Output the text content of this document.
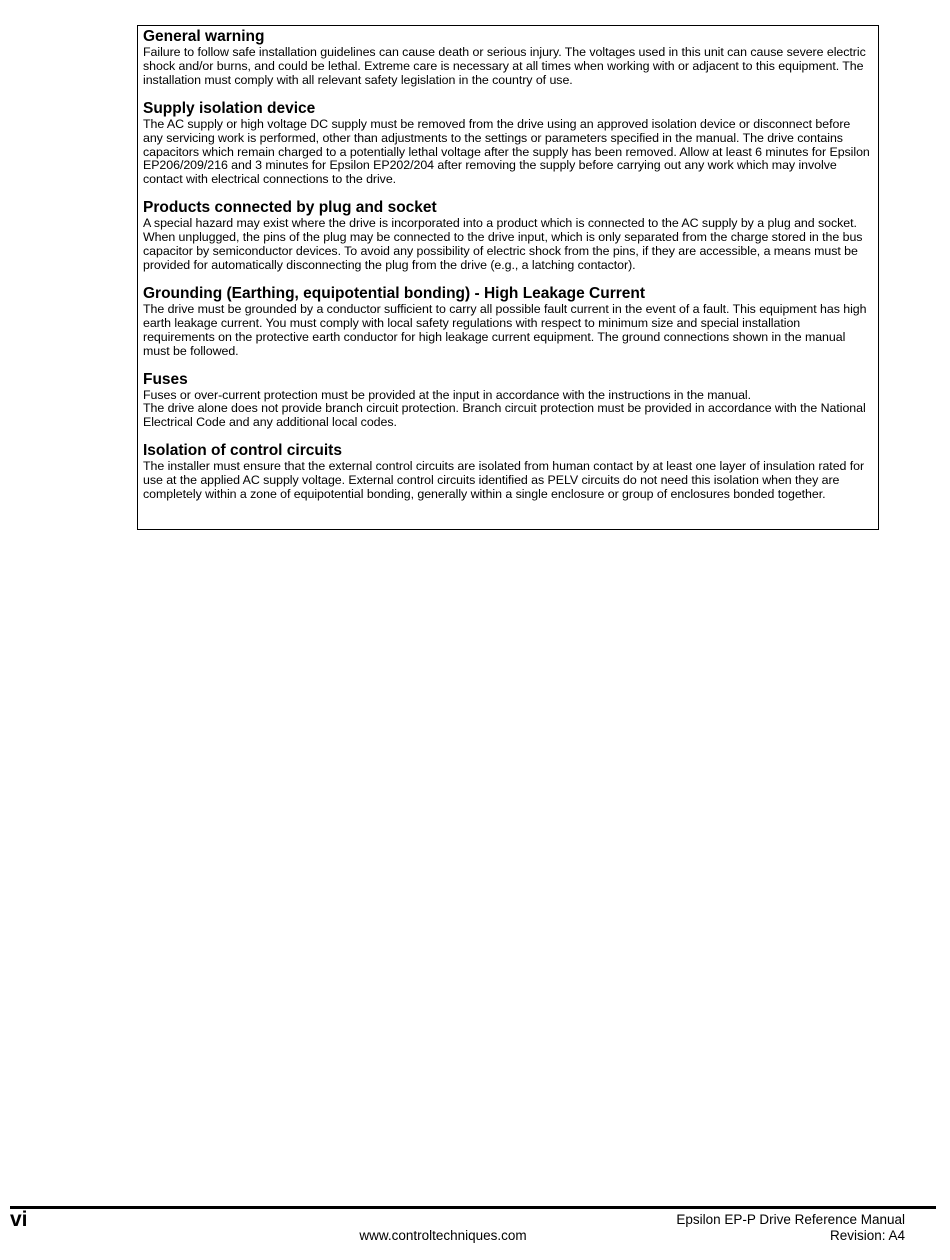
General warning

Failure to follow safe installation guidelines can cause death or serious injury. The voltages used in this unit can cause severe electric shock and/or burns, and could be lethal. Extreme care is necessary at all times when working with or adjacent to this equipment. The installation must comply with all relevant safety legislation in the country of use.

Supply isolation device

The AC supply or high voltage DC supply must be removed from the drive using an approved isolation device or disconnect before any servicing work is performed, other than adjustments to the settings or parameters specified in the manual. The drive contains capacitors which remain charged to a potentially lethal voltage after the supply has been removed. Allow at least 6 minutes for Epsilon EP206/209/216 and 3 minutes for Epsilon EP202/204 after removing the supply before carrying out any work which may involve contact with electrical connections to the drive.

Products connected by plug and socket

A special hazard may exist where the drive is incorporated into a product which is connected to the AC supply by a plug and socket. When unplugged, the pins of the plug may be connected to the drive input, which is only separated from the charge stored in the bus capacitor by semiconductor devices. To avoid any possibility of electric shock from the pins, if they are accessible, a means must be provided for automatically disconnecting the plug from the drive (e.g., a latching contactor).

Grounding (Earthing, equipotential bonding) - High Leakage Current

The drive must be grounded by a conductor sufficient to carry all possible fault current in the event of a fault. This equipment has high earth leakage current. You must comply with local safety regulations with respect to minimum size and special installation requirements on the protective earth conductor for high leakage current equipment. The ground connections shown in the manual must be followed.

Fuses

Fuses or over-current protection must be provided at the input in accordance with the instructions in the manual.

The drive alone does not provide branch circuit protection. Branch circuit protection must be provided in accordance with the National Electrical Code and any additional local codes.

Isolation of control circuits

The installer must ensure that the external control circuits are isolated from human contact by at least one layer of insulation rated for use at the applied AC supply voltage. External control circuits identified as PELV circuits do not need this isolation when they are completely within a zone of equipotential bonding, generally within a single enclosure or group of enclosures bonded together.

vi	Epsilon EP-P Drive Reference Manual
www.controltechniques.com	Revision: A4
